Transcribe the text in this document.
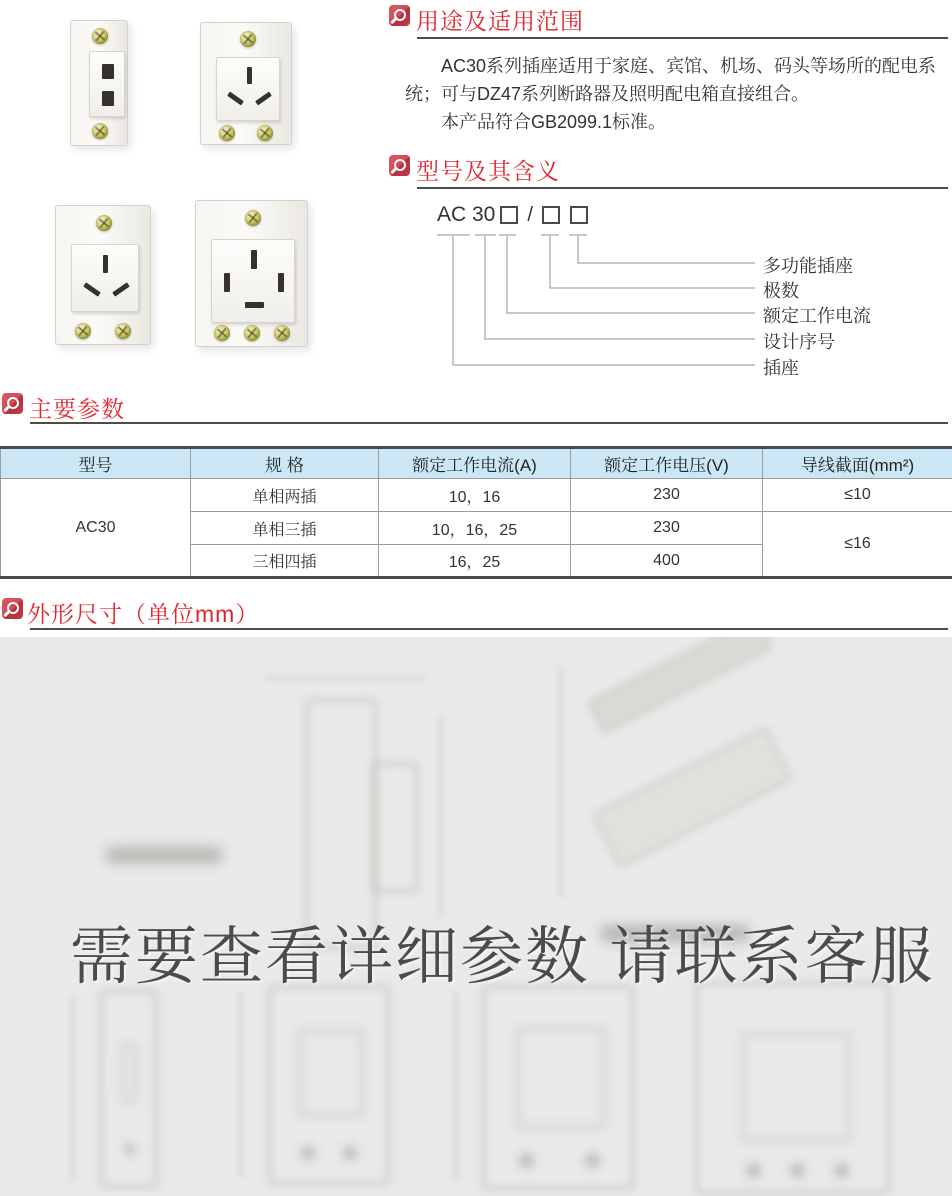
用途及适用范围

AC30系列插座适用于家庭、宾馆、机场、码头等场所的配电系统；可与DZ47系列断路器及照明配电箱直接组合。

本产品符合GB2099.1标准。

型号及其含义
AC 30 /
多功能插座
极数
额定工作电流
设计序号
插座
主要参数
型号	规 格	额定工作电流(A)	额定工作电压(V)	导线截面(mm²)
AC30	单相两插	10，16	230	≤10
	单相三插	10，16，25	230	≤16
	三相四插	16，25	400	
外形尺寸（单位mm）
需要查看详细参数 请联系客服
